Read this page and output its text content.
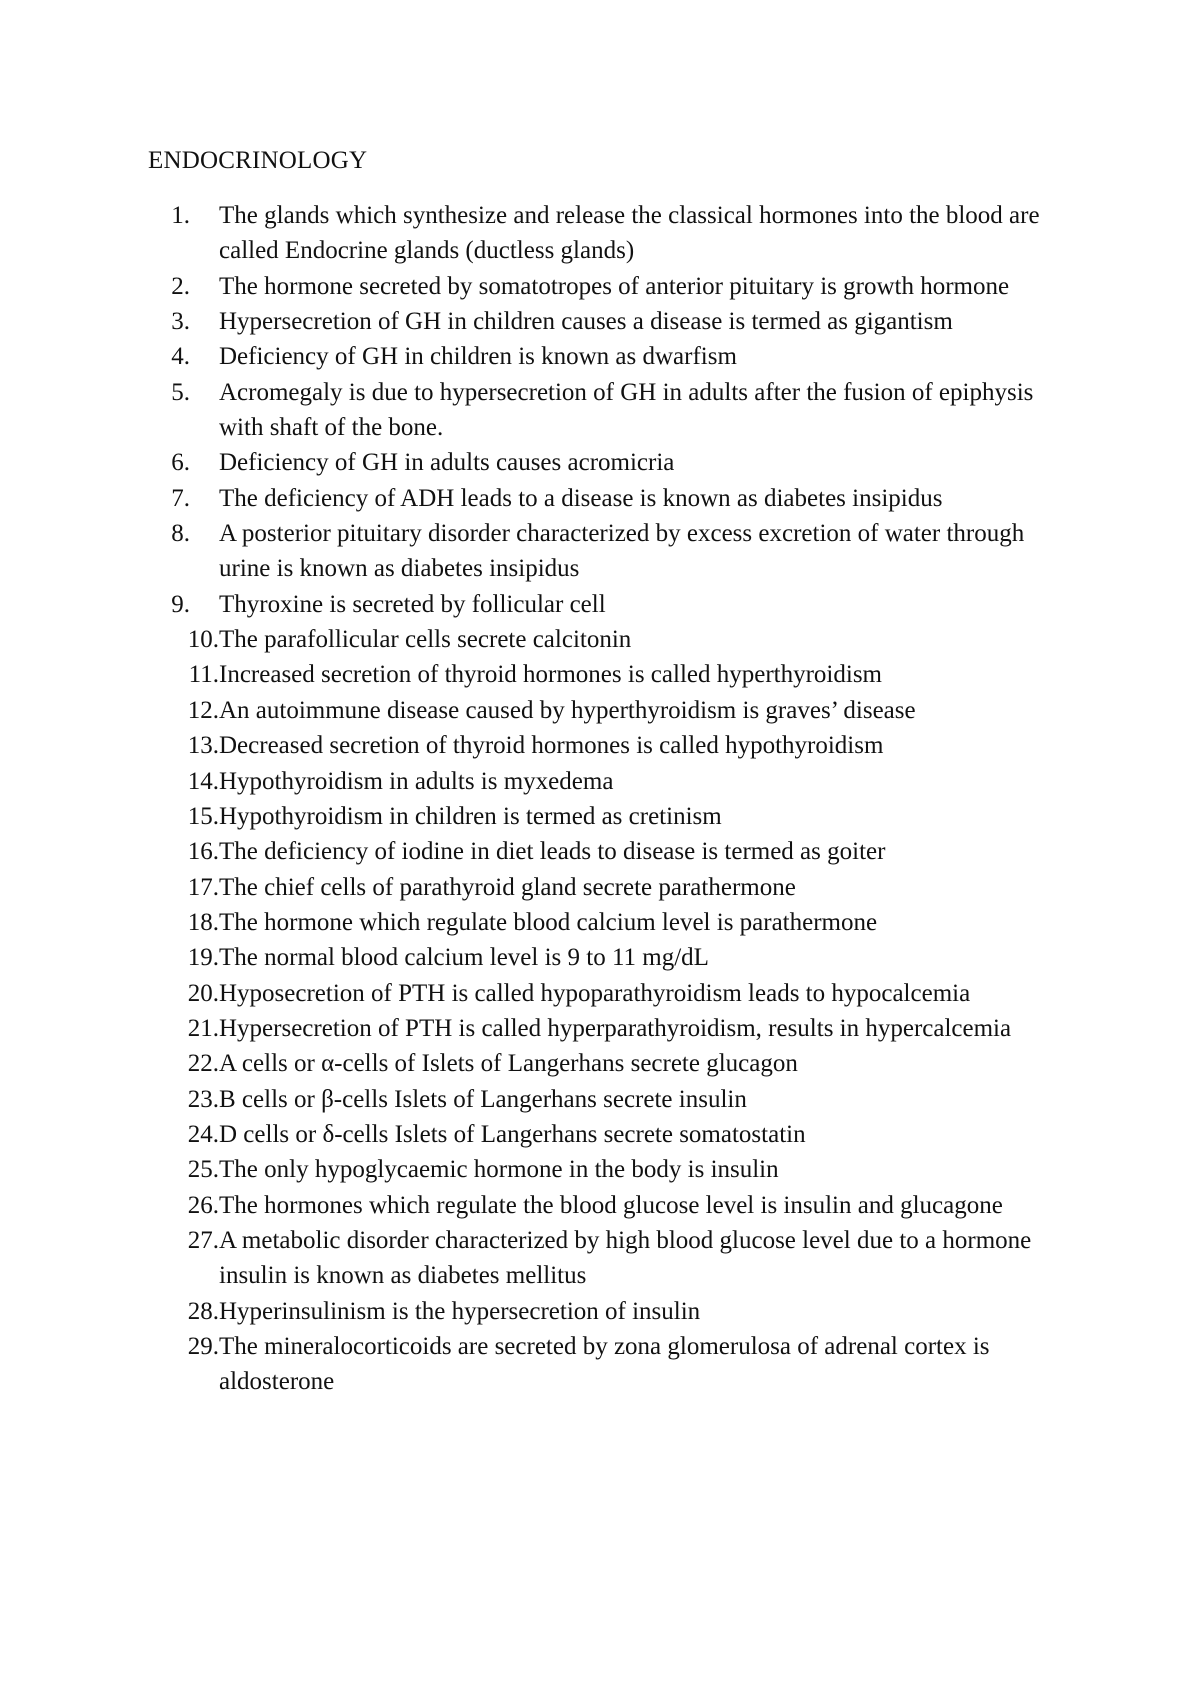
ENDOCRINOLOGY
1. The glands which synthesize and release the classical hormones into the blood are called Endocrine glands (ductless glands)
2. The hormone secreted by somatotropes of anterior pituitary is growth hormone
3. Hypersecretion of GH in children causes a disease is termed as gigantism
4. Deficiency of GH in children is known as dwarfism
5. Acromegaly is due to hypersecretion of GH in adults after the fusion of epiphysis with shaft of the bone.
6. Deficiency of GH in adults causes acromicria
7. The deficiency of ADH leads to a disease is known as diabetes insipidus
8. A posterior pituitary disorder characterized by excess excretion of water through urine is known as diabetes insipidus
9. Thyroxine is secreted by follicular cell
10. The parafollicular cells secrete calcitonin
11. Increased secretion of thyroid hormones is called hyperthyroidism
12. An autoimmune disease caused by hyperthyroidism is graves’ disease
13. Decreased secretion of thyroid hormones is called hypothyroidism
14. Hypothyroidism in adults is myxedema
15. Hypothyroidism in children is termed as cretinism
16. The deficiency of iodine in diet leads to disease is termed as goiter
17. The chief cells of parathyroid gland secrete parathermone
18. The hormone which regulate blood calcium level is parathermone
19. The normal blood calcium level is 9 to 11 mg/dL
20. Hyposecretion of PTH is called hypoparathyroidism leads to hypocalcemia
21. Hypersecretion of PTH is called hyperparathyroidism, results in hypercalcemia
22. A cells or α-cells of Islets of Langerhans secrete glucagon
23. B cells or β-cells Islets of Langerhans secrete insulin
24. D cells or δ-cells Islets of Langerhans secrete somatostatin
25. The only hypoglycaemic hormone in the body is insulin
26. The hormones which regulate the blood glucose level is insulin and glucagone
27. A metabolic disorder characterized by high blood glucose level due to a hormone insulin is known as diabetes mellitus
28. Hyperinsulinism is the hypersecretion of insulin
29. The mineralocorticoids are secreted by zona glomerulosa of adrenal cortex is aldosterone
